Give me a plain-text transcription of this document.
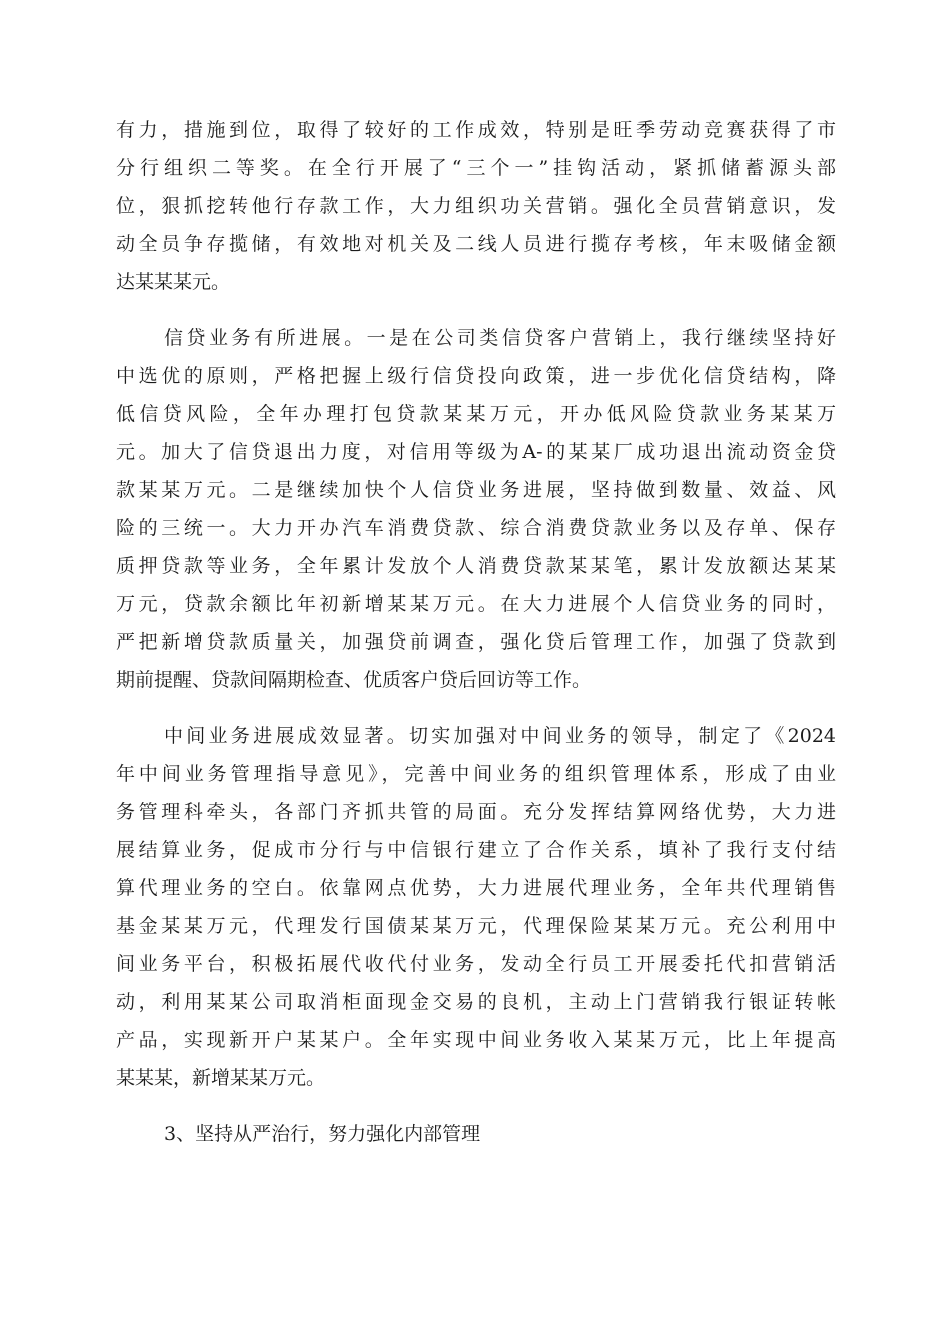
有力，措施到位，取得了较好的工作成效，特别是旺季劳动竞赛获得了市
分行组织二等奖。在全行开展了“三个一”挂钩活动，紧抓储蓄源头部
位，狠抓挖转他行存款工作，大力组织功关营销。强化全员营销意识，发
动全员争存揽储，有效地对机关及二线人员进行揽存考核，年末吸储金额
达某某某元。
信贷业务有所进展。一是在公司类信贷客户营销上，我行继续坚持好
中选优的原则，严格把握上级行信贷投向政策，进一步优化信贷结构，降
低信贷风险，全年办理打包贷款某某万元，开办低风险贷款业务某某万
元。加大了信贷退出力度，对信用等级为A-的某某厂成功退出流动资金贷
款某某万元。二是继续加快个人信贷业务进展，坚持做到数量、效益、风
险的三统一。大力开办汽车消费贷款、综合消费贷款业务以及存单、保存
质押贷款等业务，全年累计发放个人消费贷款某某笔，累计发放额达某某
万元，贷款余额比年初新增某某万元。在大力进展个人信贷业务的同时，
严把新增贷款质量关，加强贷前调查，强化贷后管理工作，加强了贷款到
期前提醒、贷款间隔期检查、优质客户贷后回访等工作。
中间业务进展成效显著。切实加强对中间业务的领导，制定了《2024
年中间业务管理指导意见》，完善中间业务的组织管理体系，形成了由业
务管理科牵头，各部门齐抓共管的局面。充分发挥结算网络优势，大力进
展结算业务，促成市分行与中信银行建立了合作关系，填补了我行支付结
算代理业务的空白。依靠网点优势，大力进展代理业务，全年共代理销售
基金某某万元，代理发行国债某某万元，代理保险某某万元。充公利用中
间业务平台，积极拓展代收代付业务，发动全行员工开展委托代扣营销活
动，利用某某公司取消柜面现金交易的良机，主动上门营销我行银证转帐
产品，实现新开户某某户。全年实现中间业务收入某某万元，比上年提高
某某某，新增某某万元。
3、坚持从严治行，努力强化内部管理
